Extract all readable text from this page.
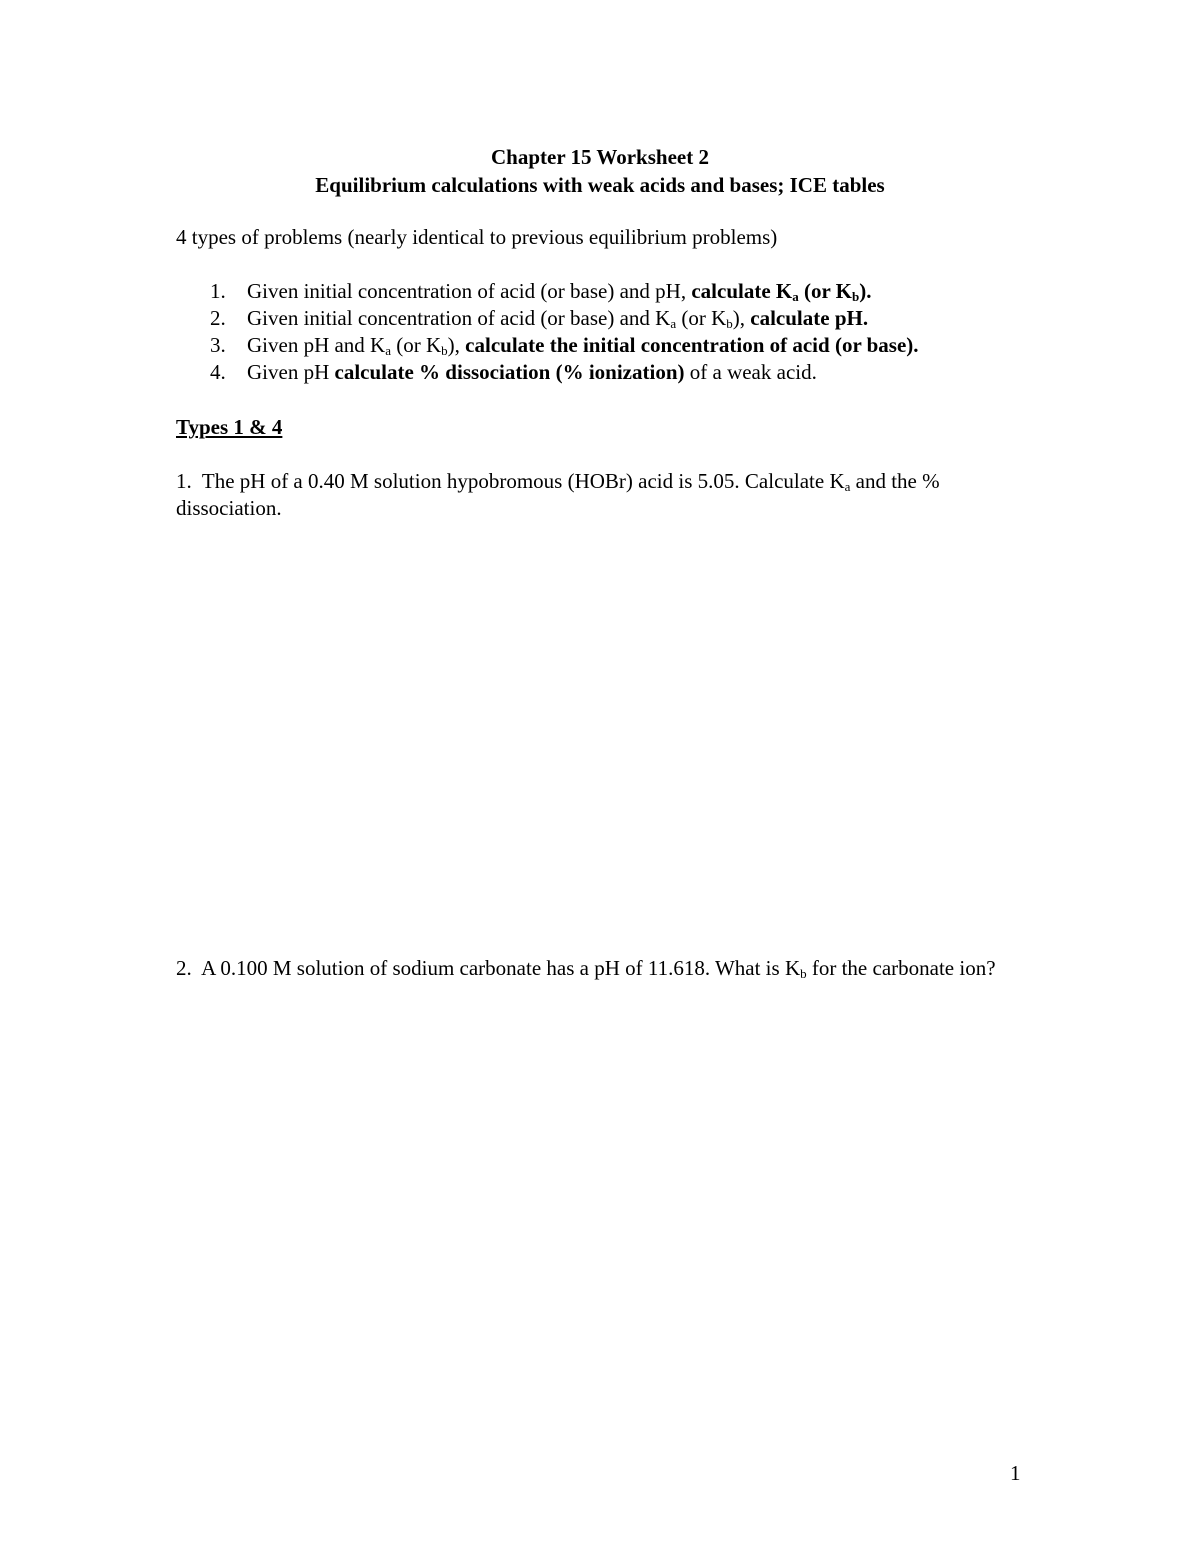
Chapter 15 Worksheet 2
Equilibrium calculations with weak acids and bases; ICE tables
4 types of problems (nearly identical to previous equilibrium problems)
1. Given initial concentration of acid (or base) and pH, calculate $K_a$ (or $K_b$).
2. Given initial concentration of acid (or base) and $K_a$ (or $K_b$), calculate pH.
3. Given pH and $K_a$ (or $K_b$), calculate the initial concentration of acid (or base).
4. Given pH calculate % dissociation (% ionization) of a weak acid.
Types 1 & 4
1. The pH of a 0.40 M solution hypobromous (HOBr) acid is 5.05. Calculate $K_a$ and the % dissociation.
2. A 0.100 M solution of sodium carbonate has a pH of 11.618. What is $K_b$ for the carbonate ion?
1
